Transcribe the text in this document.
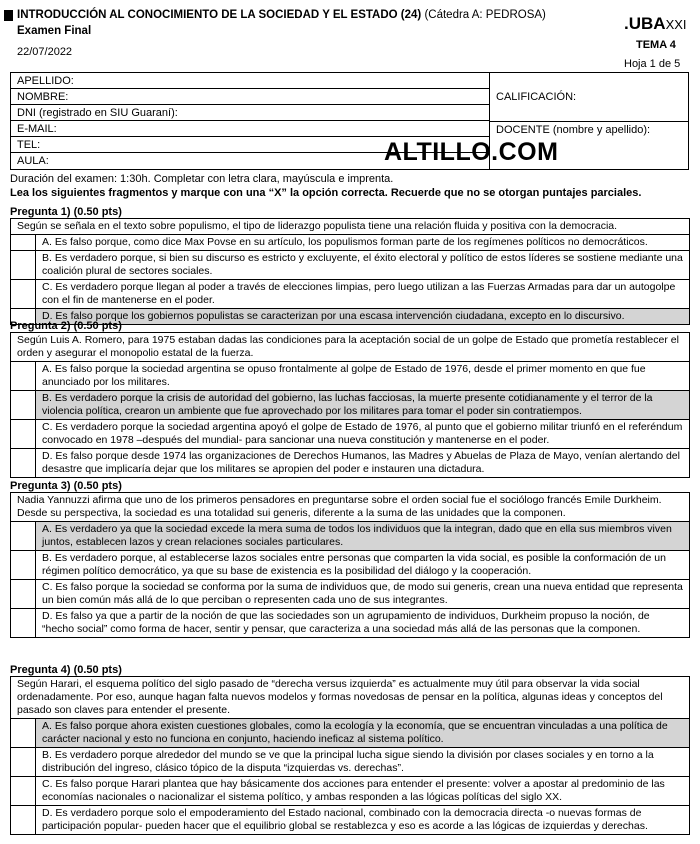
INTRODUCCIÓN AL CONOCIMIENTO DE LA SOCIEDAD Y EL ESTADO (24) (Cátedra A: PEDROSA)
Examen Final
22/07/2022
.UBAXXI
TEMA 4
Hoja 1 de 5
APELLIDO:
NOMBRE:
DNI (registrado en SIU Guaraní):
E-MAIL:
TEL:
AULA:
CALIFICACIÓN:
DOCENTE (nombre y apellido):
ALTILLO.COM
Duración del examen: 1:30h. Completar con letra clara, mayúscula e imprenta.
Lea los siguientes fragmentos y marque con una “X” la opción correcta. Recuerde que no se otorgan puntajes parciales.
Pregunta 1) (0.50 pts)
Según se señala en el texto sobre populismo, el tipo de liderazgo populista tiene una relación fluida y positiva con la democracia.
A. Es falso porque, como dice Max Povse en su artículo, los populismos forman parte de los regímenes políticos no democráticos.
B. Es verdadero porque, si bien su discurso es estricto y excluyente, el éxito electoral y político de estos líderes se sostiene mediante una coalición plural de sectores sociales.
C. Es verdadero porque llegan al poder a través de elecciones limpias, pero luego utilizan a las Fuerzas Armadas para dar un autogolpe con el fin de mantenerse en el poder.
D. Es falso porque los gobiernos populistas se caracterizan por una escasa intervención ciudadana, excepto en lo discursivo.
Pregunta 2) (0.50 pts)
Según Luis A. Romero, para 1975 estaban dadas las condiciones para la aceptación social de un golpe de Estado que prometía restablecer el orden y asegurar el monopolio estatal de la fuerza.
A. Es falso porque la sociedad argentina se opuso frontalmente al golpe de Estado de 1976, desde el primer momento en que fue anunciado por los militares.
B. Es verdadero porque la crisis de autoridad del gobierno, las luchas facciosas, la muerte presente cotidianamente y el terror de la violencia política, crearon un ambiente que fue aprovechado por los militares para tomar el poder sin contratiempos.
C. Es verdadero porque la sociedad argentina apoyó el golpe de Estado de 1976, al punto que el gobierno militar triunfó en el referéndum convocado en 1978 –después del mundial- para sancionar una nueva constitución y mantenerse en el poder.
D. Es falso porque desde 1974 las organizaciones de Derechos Humanos, las Madres y Abuelas de Plaza de Mayo, venían alertando del desastre que implicaría dejar que los militares se apropien del poder e instauren una dictadura.
Pregunta 3) (0.50 pts)
Nadia Yannuzzi afirma que uno de los primeros pensadores en preguntarse sobre el orden social fue el sociólogo francés Emile Durkheim. Desde su perspectiva, la sociedad es una totalidad sui generis, diferente a la suma de las unidades que la componen.
A. Es verdadero ya que la sociedad excede la mera suma de todos los individuos que la integran, dado que en ella sus miembros viven juntos, establecen lazos y crean relaciones sociales particulares.
B. Es verdadero porque, al establecerse lazos sociales entre personas que comparten la vida social, es posible la conformación de un régimen político democrático, ya que su base de existencia es la posibilidad del diálogo y la cooperación.
C. Es falso porque la sociedad se conforma por la suma de individuos que, de modo sui generis, crean una nueva entidad que representa un bien común más allá de lo que perciban o representen cada uno de sus integrantes.
D. Es falso ya que a partir de la noción de que las sociedades son un agrupamiento de individuos, Durkheim propuso la noción, de “hecho social” como forma de hacer, sentir y pensar, que caracteriza a una sociedad más allá de las personas que la componen.
Pregunta 4) (0.50 pts)
Según Harari, el esquema político del siglo pasado de “derecha versus izquierda” es actualmente muy útil para observar la vida social ordenadamente. Por eso, aunque hagan falta nuevos modelos y formas novedosas de pensar en la política, algunas ideas y conceptos del pasado son claves para entender el presente.
A. Es falso porque ahora existen cuestiones globales, como la ecología y la economía, que se encuentran vinculadas a una política de carácter nacional y esto no funciona en conjunto, haciendo ineficaz al sistema político.
B. Es verdadero porque alrededor del mundo se ve que la principal lucha sigue siendo la división por clases sociales y en torno a la distribución del ingreso, clásico tópico de la disputa “izquierdas vs. derechas”.
C. Es falso porque Harari plantea que hay básicamente dos acciones para entender el presente: volver a apostar al predominio de las economías nacionales o nacionalizar el sistema político, y ambas responden a las lógicas políticas del siglo XX.
D. Es verdadero porque solo el empoderamiento del Estado nacional, combinado con la democracia directa -o nuevas formas de participación popular- pueden hacer que el equilibrio global se restablezca y eso es acorde a las lógicas de izquierdas y derechas.
